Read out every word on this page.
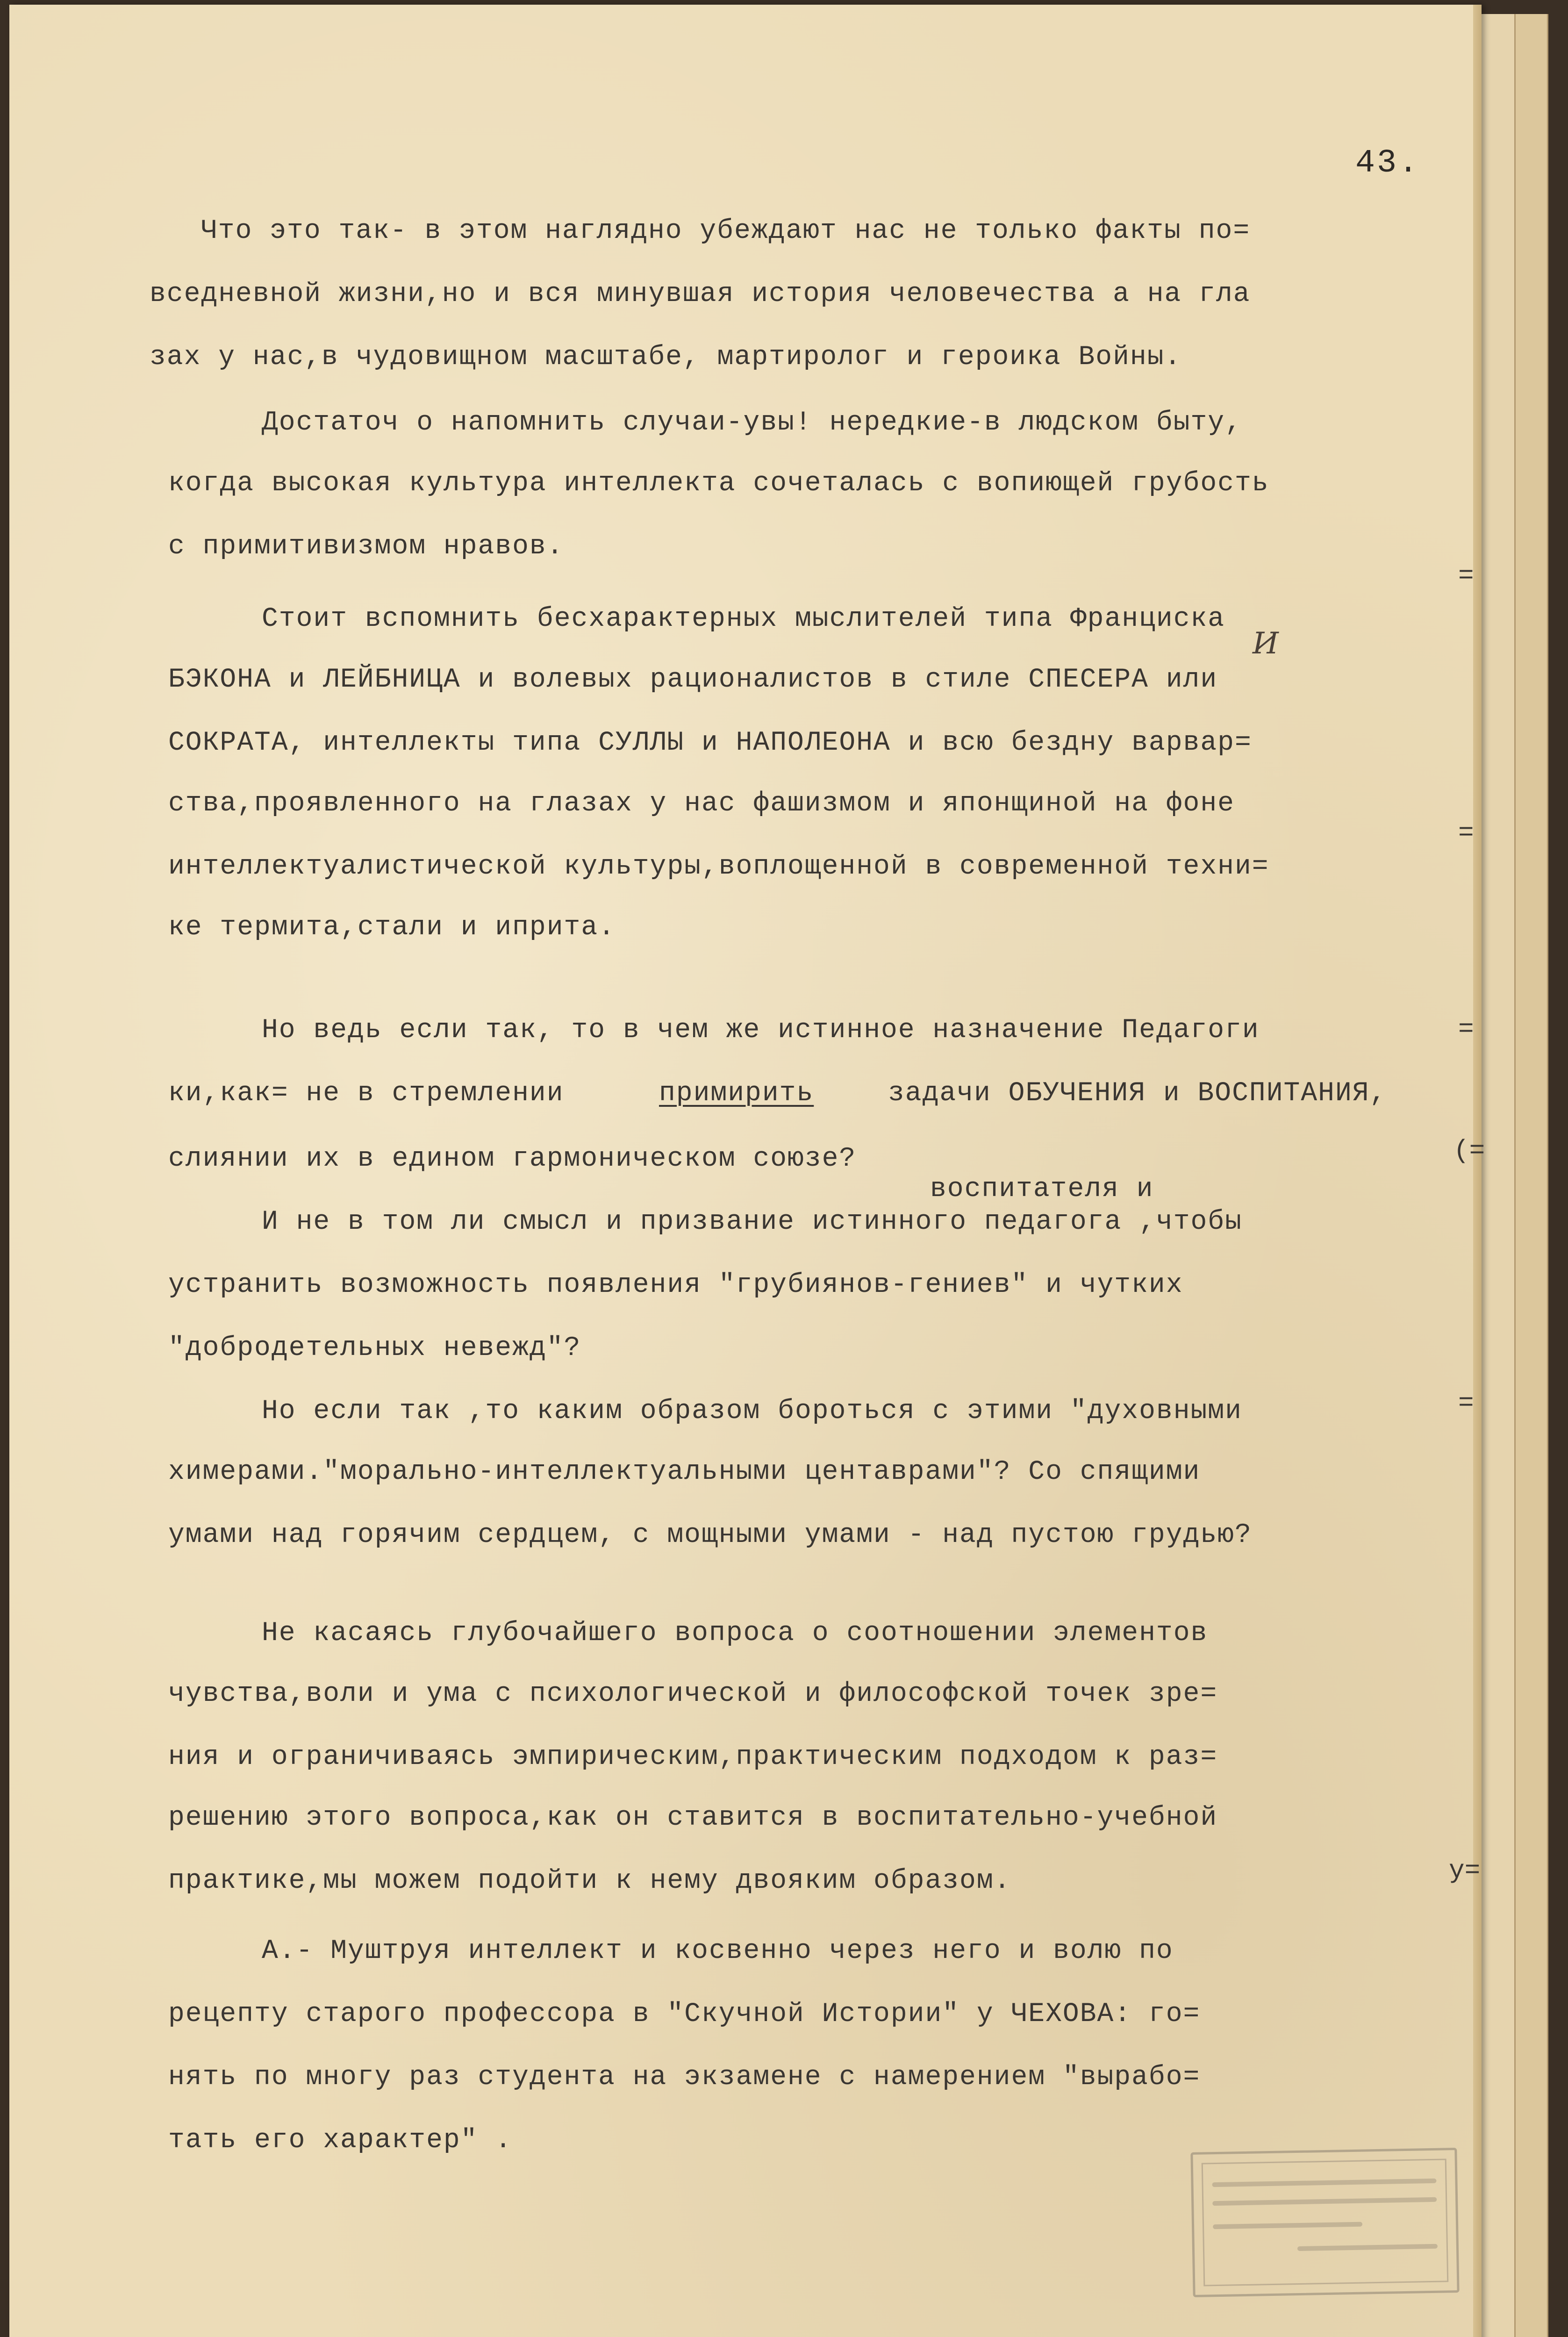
43.
Что это так- в этом наглядно убеждают нас не только факты по=
вседневной жизни,но и вся минувшая история человечества а на гла
зах у нас,в чудовищном масштабе, мартиролог и героика Войны.
Достаточ о напомнить случаи-увы! нередкие-в людском быту,
когда высокая культура интеллекта сочеталась с вопиющей грубость
с примитивизмом нравов.
Стоит вспомнить бесхарактерных мыслителей типа Франциска
БЭКОНА и ЛЕЙБНИЦА и волевых рационалистов в стиле СПЕСЕРА или
СОКРАТА, интеллекты типа СУЛЛЫ и НАПОЛЕОНА и всю бездну варвар=
ства,проявленного на глазах у нас фашизмом и японщиной на фоне
интеллектуалистической культуры,воплощенной в современной техни=
ке термита,стали и иприта.
Но ведь если так, то в чем же истинное назначение Педагоги
ки,как= не в стремлении	примирить	задачи ОБУЧЕНИЯ и ВОСПИТАНИЯ,
слиянии их в едином гармоническом союзе?
воспитателя и
И не в том ли смысл и призвание истинного педагога ,чтобы
устранить возможность появления "грубиянов-гениев" и чутких
"добродетельных невежд"?
Но если так ,то каким образом бороться с этими "духовными
химерами."морально-интеллектуальными центаврами"? Со спящими
умами над горячим сердцем, с мощными умами - над пустою грудью?
Не касаясь глубочайшего вопроса о соотношении элементов
чувства,воли и ума с психологической и философской точек зре=
ния и ограничиваясь эмпирическим,практическим подходом к раз=
решению этого вопроса,как он ставится в воспитательно-учебной
практике,мы можем подойти к нему двояким образом.
А.- Муштруя интеллект и косвенно через него и волю по
рецепту старого профессора в "Скучной Истории" у ЧЕХОВА: го=
нять по многу раз студента на экзамене с намерением "вырабо=
тать его характер" .
И
=
=
=
(=
=
у=
